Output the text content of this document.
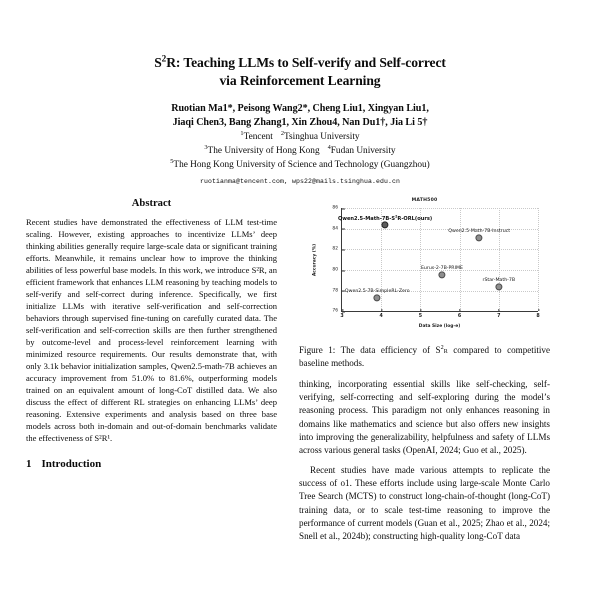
$S^2R$: Teaching LLMs to Self-verify and Self-correct
via Reinforcement Learning
Ruotian Ma1*, Peisong Wang2*, Cheng Liu1, Xingyan Liu1,
Jiaqi Chen3, Bang Zhang1, Xin Zhou4, Nan Du1†, Jia Li 5†
$^1$Tencent $^2$Tsinghua University
$^3$The University of Hong Kong $^4$Fudan University
$^5$The Hong Kong University of Science and Technology (Guangzhou)
ruotianma@tencent.com, wps22@mails.tsinghua.edu.cn
Abstract

Recent studies have demonstrated the effectiveness of LLM test-time scaling. However, existing approaches to incentivize LLMs’ deep thinking abilities generally require large-scale data or significant training efforts. Meanwhile, it remains unclear how to improve the thinking abilities of less powerful base models. In this work, we introduce S²R, an efficient framework that enhances LLM reasoning by teaching models to self-verify and self-correct during inference. Specifically, we first initialize LLMs with iterative self-verification and self-correction behaviors through supervised fine-tuning on carefully curated data. The self-verification and self-correction skills are then further strengthened by outcome-level and process-level reinforcement learning with minimized resource requirements. Our results demonstrate that, with only 3.1k behavior initialization samples, Qwen2.5-math-7B achieves an accuracy improvement from 51.0% to 81.6%, outperforming models trained on an equivalent amount of long-CoT distilled data. We also discuss the effect of different RL strategies on enhancing LLMs’ deep reasoning. Extensive experiments and analysis based on three base models across both in-domain and out-of-domain benchmarks validate the effectiveness of S²R¹.

1 Introduction
MATH500
Accuracy (%)
Data Size (log-e)
76
78
80
82
84
86
3	4	5	6	7	8
$Qwen2.5-Math-7B-S^2R-ORL(ours)$
Qwen2.5-Math-7B-Instruct
Eurus-2-7B-PRIME
rStar-Math-7B
Qwen2.5-7B-SimpleRL-Zero
Figure 1: The data efficiency of $S^2r$ compared to competitive baseline methods.

thinking, incorporating essential skills like self-checking, self-verifying, self-correcting and self-exploring during the model’s reasoning process. This paradigm not only enhances reasoning in domains like mathematics and science but also offers new insights into improving the generalizability, helpfulness and safety of LLMs across various general tasks (OpenAI, 2024; Guo et al., 2025).

Recent studies have made various attempts to replicate the success of o1. These efforts include using large-scale Monte Carlo Tree Search (MCTS) to construct long-chain-of-thought (long-CoT) training data, or to scale test-time reasoning to improve the performance of current models (Guan et al., 2025; Zhao et al., 2024; Snell et al., 2024b); constructing high-quality long-CoT data
